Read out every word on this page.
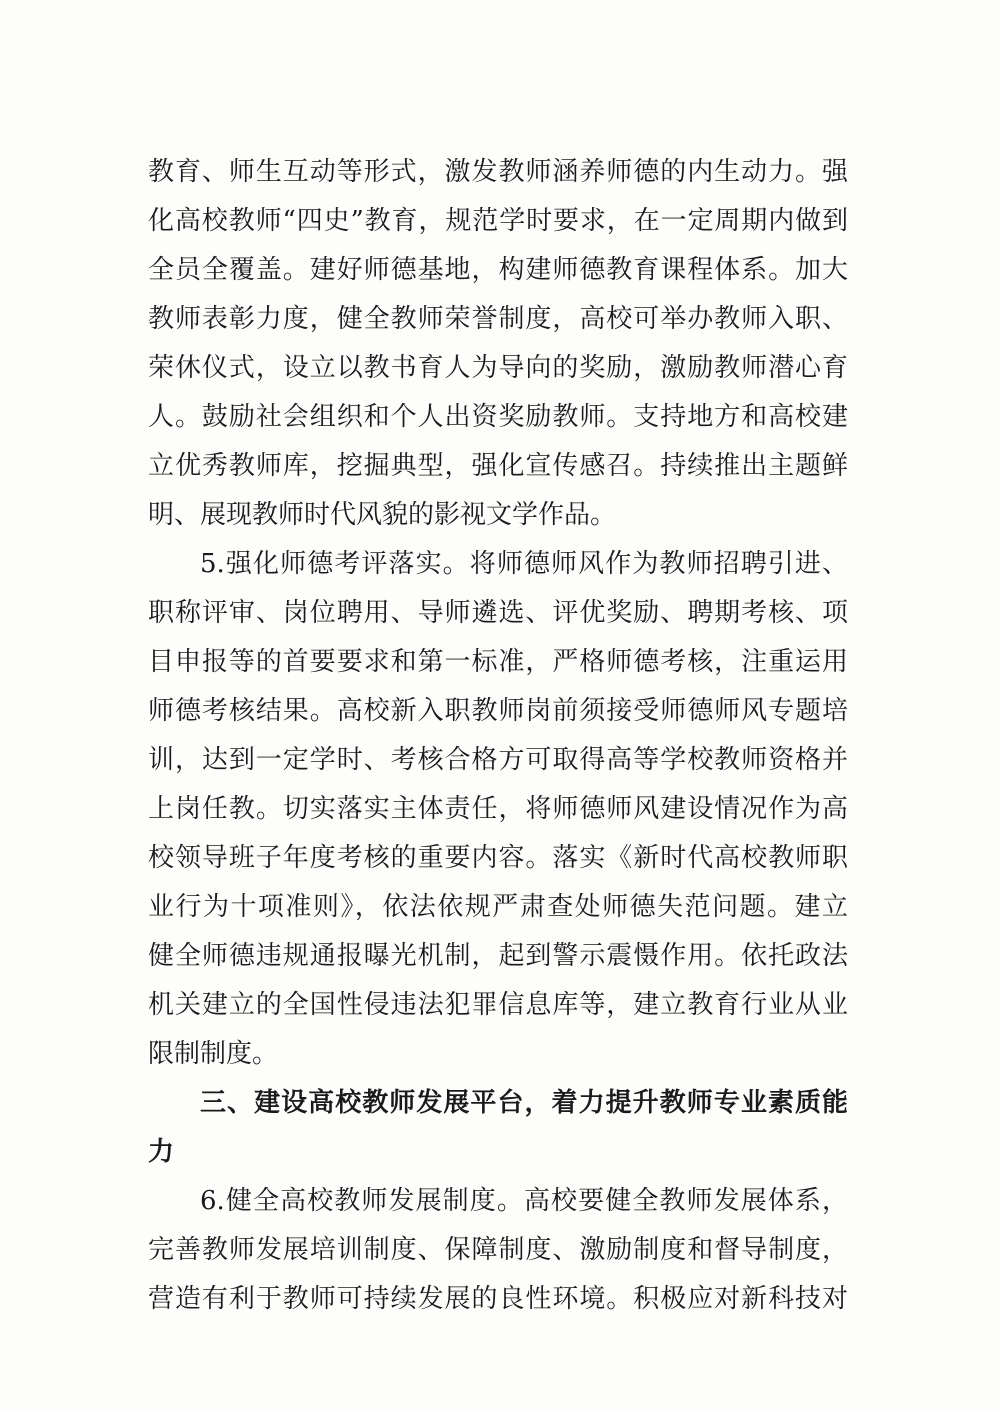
教育、师生互动等形式，激发教师涵养师德的内生动力。强
化高校教师“四史”教育，规范学时要求，在一定周期内做到
全员全覆盖。建好师德基地，构建师德教育课程体系。加大
教师表彰力度，健全教师荣誉制度，高校可举办教师入职、
荣休仪式，设立以教书育人为导向的奖励，激励教师潜心育
人。鼓励社会组织和个人出资奖励教师。支持地方和高校建
立优秀教师库，挖掘典型，强化宣传感召。持续推出主题鲜
明、展现教师时代风貌的影视文学作品。
5.强化师德考评落实。将师德师风作为教师招聘引进、
职称评审、岗位聘用、导师遴选、评优奖励、聘期考核、项
目申报等的首要要求和第一标准，严格师德考核，注重运用
师德考核结果。高校新入职教师岗前须接受师德师风专题培
训，达到一定学时、考核合格方可取得高等学校教师资格并
上岗任教。切实落实主体责任，将师德师风建设情况作为高
校领导班子年度考核的重要内容。落实《新时代高校教师职
业行为十项准则》，依法依规严肃查处师德失范问题。建立
健全师德违规通报曝光机制，起到警示震慑作用。依托政法
机关建立的全国性侵违法犯罪信息库等，建立教育行业从业
限制制度。
三、建设高校教师发展平台，着力提升教师专业素质能
力
6.健全高校教师发展制度。高校要健全教师发展体系，
完善教师发展培训制度、保障制度、激励制度和督导制度，
营造有利于教师可持续发展的良性环境。积极应对新科技对
